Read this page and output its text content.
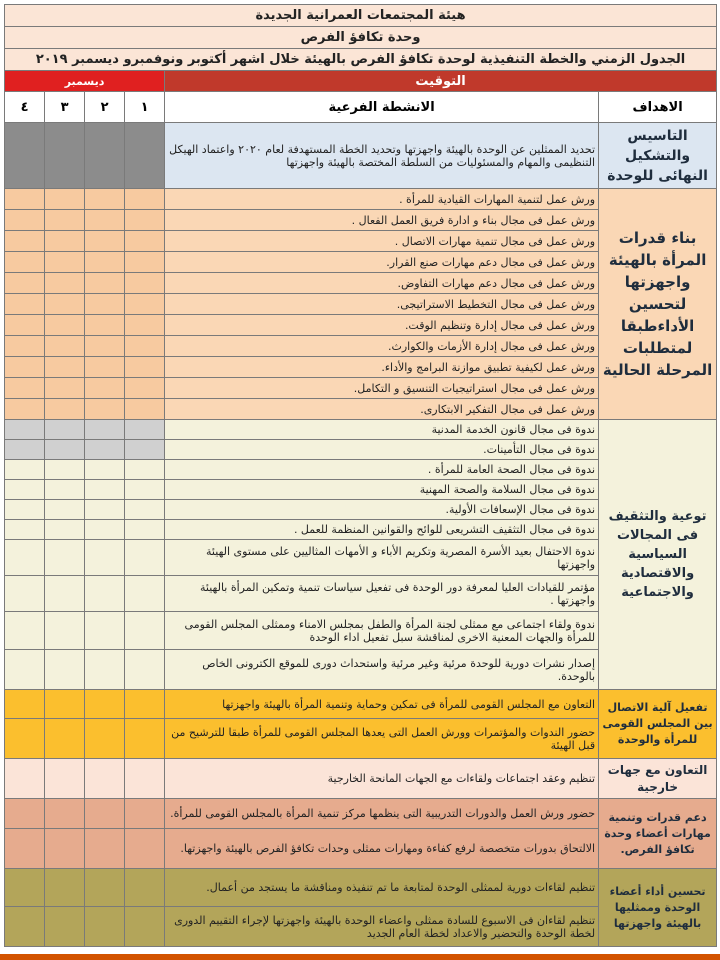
هيئة المجتمعات العمرانية الجديدة					
وحدة تكافؤ الفرص					
الجدول الزمني والخطة التنفيذية لوحدة تكافؤ الفرص بالهيئة خلال اشهر أكتوبر ونوفمبرو ديسمبر ٢٠١٩					
التوقيت		ديسمبر			
الاهداف	الانشطة الفرعية	١	٢	٣	٤
التاسيس والتشكيل النهائى للوحدة	تحديد الممثلين عن الوحدة بالهيئة واجهزتها وتحديد الخطة المستهدفة لعام ٢٠٢٠ واعتماد الهيكل التنظيمى والمهام والمسئوليات من السلطة المختصة بالهيئة واجهزتها				
بناء قدرات المرأة بالهيئة واجهزتها لتحسين الأداءطبقا لمتطلبات المرحلة الحالية	ورش عمل لتنمية المهارات القيادية للمرأة .				
	ورش عمل فى مجال بناء و ادارة فريق العمل الفعال .				
	ورش عمل فى مجال تنمية مهارات الاتصال .				
	ورش عمل فى مجال دعم مهارات صنع القرار.				
	ورش عمل فى مجال دعم مهارات التفاوض.				
	ورش عمل فى مجال التخطيط الاستراتيجى.				
	ورش عمل فى مجال إدارة وتنظيم الوقت.				
	ورش عمل فى مجال إدارة الأزمات والكوارث.				
	ورش عمل لكيفية تطبيق موازنة البرامج والأداء.				
	ورش عمل فى مجال استراتيجيات التنسيق و التكامل.				
	ورش عمل فى مجال التفكير الابتكارى.				
توعية والتثقيف فى المجالات السياسية والاقتصادية والاجتماعية	ندوة فى مجال قانون الخدمة المدنية				
	ندوة فى مجال التأمينات.				
	ندوة فى مجال الصحة العامة للمرأة .				
	ندوة فى مجال السلامة والصحة المهنية				
	ندوة فى مجال الإسعافات الأولية.				
	ندوة فى مجال التثقيف التشريعى للوائح والقوانين المنظمة للعمل .				
	ندوة الاحتفال بعيد الأسرة المصرية وتكريم الأباء و الأمهات المثاليين على مستوى الهيئة واجهزتها				
	مؤتمر للقيادات العليا لمعرفة دور الوحدة فى تفعيل سياسات تنمية وتمكين المرأة بالهيئة واجهزتها .				
	ندوة ولقاء اجتماعى مع ممثلى لجنة المرأة والطفل بمجلس الامناء وممثلى المجلس القومى للمرأة والجهات المعنية الاخرى لمناقشة سبل تفعيل اداء الوحدة				
	إصدار نشرات دورية للوحدة مرئية وغير مرئية واستحداث دورى للموقع الكترونى الخاص بالوحدة.				
تفعيل آلية الاتصال بين المجلس القومى للمرأة والوحدة	التعاون مع المجلس القومى للمرأة فى تمكين وحماية وتنمية المرأة بالهيئة واجهزتها				
	حضور الندوات والمؤتمرات وورش العمل التى يعدها المجلس القومى للمرأة طبقا للترشيح من قبل الهيئة				
التعاون مع جهات خارجية	تنظيم وعقد اجتماعات ولقاءات مع الجهات المانحة الخارجية				
دعم قدرات وتنمية مهارات أعضاء وحدة تكافؤ الفرص.	حضور ورش العمل والدورات التدريبية التى ينظمها مركز تنمية المرأة بالمجلس القومى للمرأة.				
	الالتحاق بدورات متخصصة لرفع كفاءة ومهارات ممثلى وحدات تكافؤ الفرص بالهيئة واجهزتها.				
تحسين أداء أعضاء الوحدة وممثليها بالهيئة واجهزتها	تنظيم لقاءات دورية لممثلى الوحدة لمتابعة ما تم تنفيذه ومناقشة ما يستجد من أعمال.				
	تنظيم لقاءان فى الاسبوع للسادة ممثلى واعضاء الوحدة بالهيئة واجهزتها لإجراء التقييم الدورى لخطة الوحدة والتحضير والاعداد لخطة العام الجديد				
